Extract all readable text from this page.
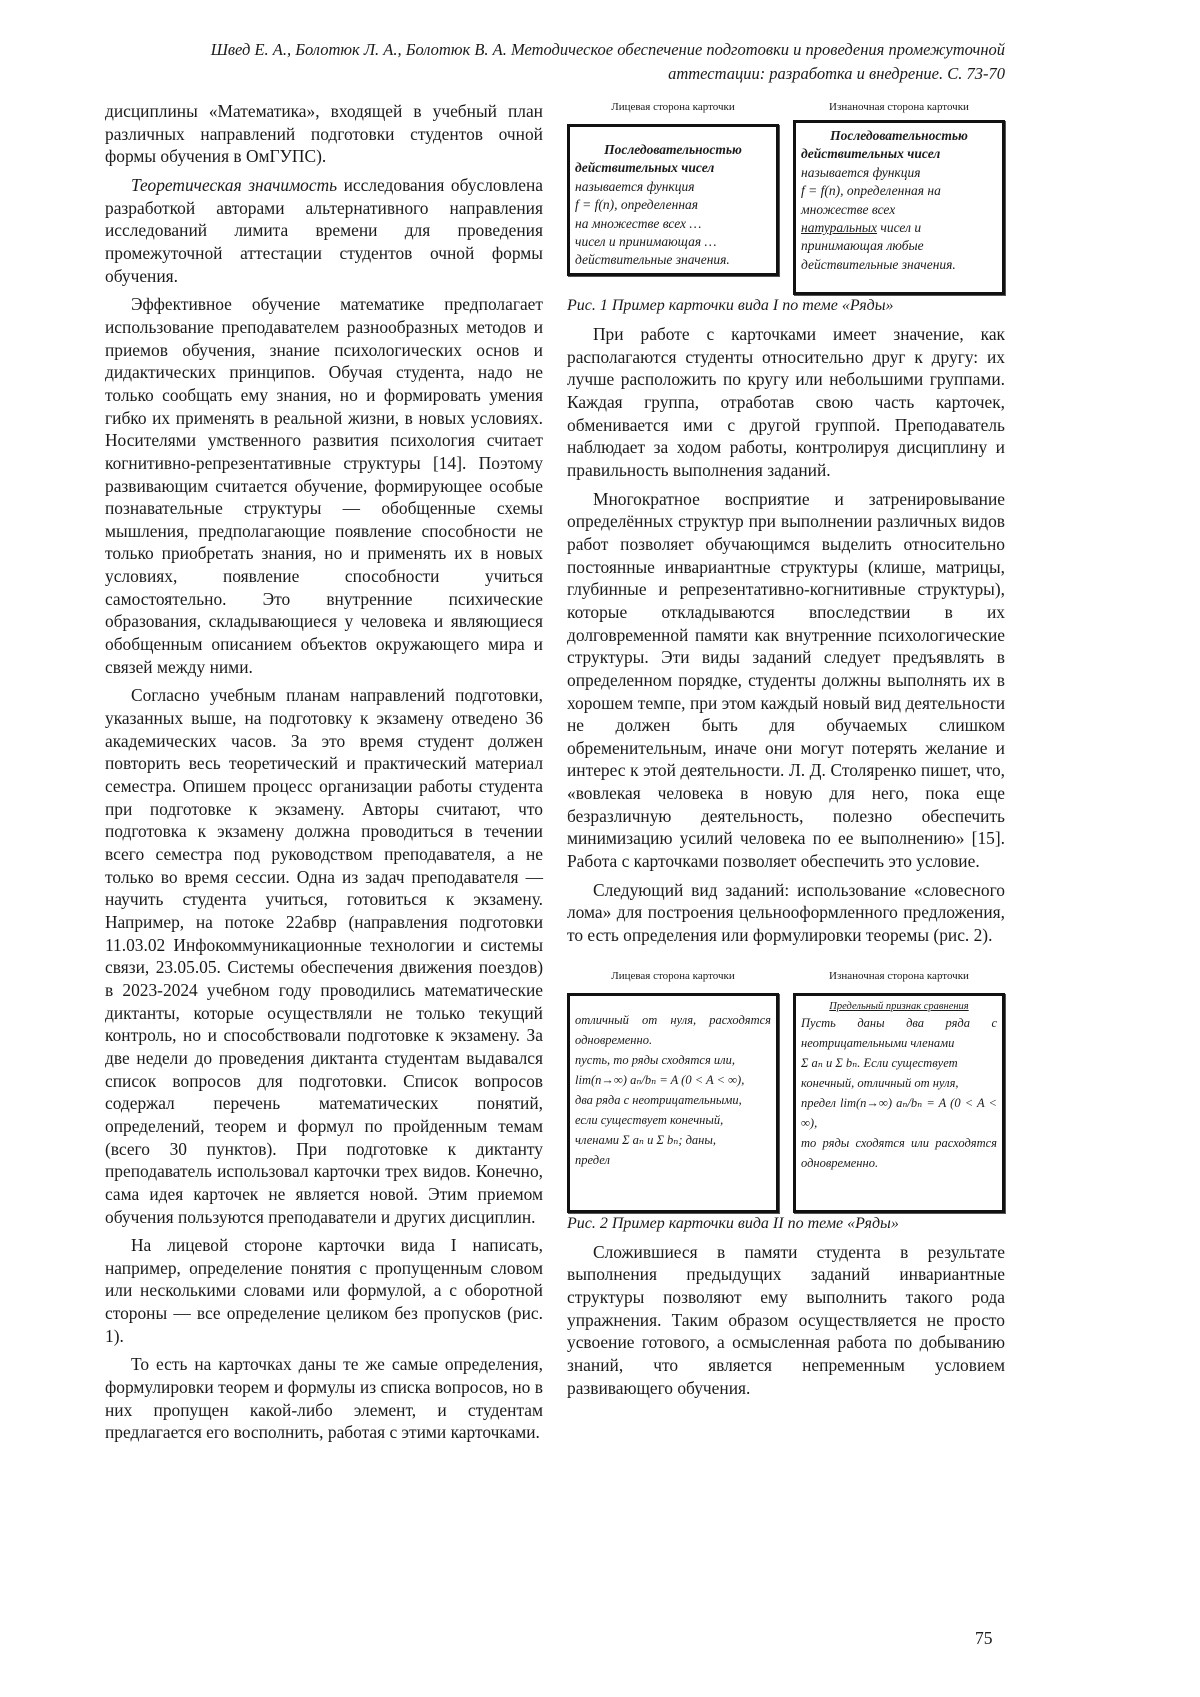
Швед Е. А., Болотюк Л. А., Болотюк В. А. Методическое обеспечение подготовки и проведения промежуточной
аттестации: разработка и внедрение. С. 73-70

дисциплины «Математика», входящей в учебный план различных направлений подготовки студентов очной формы обучения в ОмГУПС).

Теоретическая значимость исследования обусловлена разработкой авторами альтернативного направления исследований лимита времени для проведения промежуточной аттестации студентов очной формы обучения.

Эффективное обучение математике предполагает использование преподавателем разнообразных методов и приемов обучения, знание психологических основ и дидактических принципов. Обучая студента, надо не только сообщать ему знания, но и формировать умения гибко их применять в реальной жизни, в новых условиях. Носителями умственного развития психология считает когнитивно-репрезентативные структуры [14]. Поэтому развивающим считается обучение, формирующее особые познавательные структуры — обобщенные схемы мышления, предполагающие появление способности не только приобретать знания, но и применять их в новых условиях, появление способности учиться самостоятельно. Это внутренние психические образования, складывающиеся у человека и являющиеся обобщенным описанием объектов окружающего мира и связей между ними.

Согласно учебным планам направлений подготовки, указанных выше, на подготовку к экзамену отведено 36 академических часов. За это время студент должен повторить весь теоретический и практический материал семестра. Опишем процесс организации работы студента при подготовке к экзамену. Авторы считают, что подготовка к экзамену должна проводиться в течении всего семестра под руководством преподавателя, а не только во время сессии. Одна из задач преподавателя — научить студента учиться, готовиться к экзамену. Например, на потоке 22абвр (направления подготовки 11.03.02 Инфокоммуникационные технологии и системы связи, 23.05.05. Системы обеспечения движения поездов) в 2023-2024 учебном году проводились математические диктанты, которые осуществляли не только текущий контроль, но и способствовали подготовке к экзамену. За две недели до проведения диктанта студентам выдавался список вопросов для подготовки. Список вопросов содержал перечень математических понятий, определений, теорем и формул по пройденным темам (всего 30 пунктов). При подготовке к диктанту преподаватель использовал карточки трех видов. Конечно, сама идея карточек не является новой. Этим приемом обучения пользуются преподаватели и других дисциплин.

На лицевой стороне карточки вида I написать, например, определение понятия с пропущенным словом или несколькими словами или формулой, а с оборотной стороны — все определение целиком без пропусков (рис. 1).

То есть на карточках даны те же самые определения, формулировки теорем и формулы из списка вопросов, но в них пропущен какой-либо элемент, и студентам предлагается его восполнить, работая с этими карточками.

Лицевая сторона карточки
Последовательностью
действительных чисел
называется функция
f = f(n), определенная
на множестве всех …
чисел и принимающая …
действительные значения.
Изнаночная сторона карточки
Последовательностью
действительных чисел
называется функция
f = f(n), определенная на
множестве всех
натуральных чисел и
принимающая любые
действительные значения.

Рис. 1 Пример карточки вида I по теме «Ряды»

При работе с карточками имеет значение, как располагаются студенты относительно друг к другу: их лучше расположить по кругу или небольшими группами. Каждая группа, отработав свою часть карточек, обменивается ими с другой группой. Преподаватель наблюдает за ходом работы, контролируя дисциплину и правильность выполнения заданий.

Многократное восприятие и затренировывание определённых структур при выполнении различных видов работ позволяет обучающимся выделить относительно постоянные инвариантные структуры (клише, матрицы, глубинные и репрезентативно-когнитивные структуры), которые откладываются впоследствии в их долговременной памяти как внутренние психологические структуры. Эти виды заданий следует предъявлять в определенном порядке, студенты должны выполнять их в хорошем темпе, при этом каждый новый вид деятельности не должен быть для обучаемых слишком обременительным, иначе они могут потерять желание и интерес к этой деятельности. Л. Д. Столяренко пишет, что, «вовлекая человека в новую для него, пока еще безразличную деятельность, полезно обеспечить минимизацию усилий человека по ее выполнению» [15]. Работа с карточками позволяет обеспечить это условие.

Следующий вид заданий: использование «словесного лома» для построения цельнооформленного предложения, то есть определения или формулировки теоремы (рис. 2).

Лицевая сторона карточки
отличный от нуля, расходятся одновременно.
пусть, то ряды сходятся или,
lim(n→∞) aₙ/bₙ = A (0 < A < ∞),
два ряда с неотрицательными,
если существует конечный,
членами Σ aₙ и Σ bₙ; даны,
предел
Изнаночная сторона карточки
Предельный признак сравнения
Пусть даны два ряда с неотрицательными членами
Σ aₙ и Σ bₙ. Если существует
конечный, отличный от нуля,
предел lim(n→∞) aₙ/bₙ = A (0 < A < ∞),
то ряды сходятся или расходятся одновременно.

Рис. 2 Пример карточки вида II по теме «Ряды»

Сложившиеся в памяти студента в результате выполнения предыдущих заданий инвариантные структуры позволяют ему выполнить такого рода упражнения. Таким образом осуществляется не просто усвоение готового, а осмысленная работа по добыванию знаний, что является непременным условием развивающего обучения.

75
